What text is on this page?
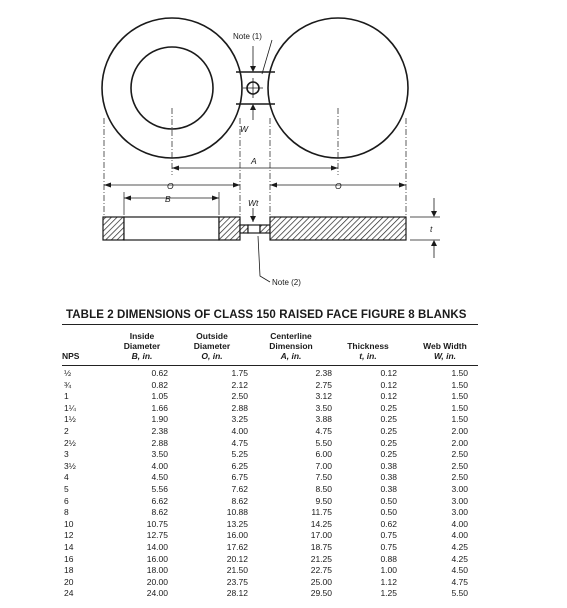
Note (1)
W
A
O	O
B	Wt
t
Note (2)
TABLE 2 DIMENSIONS OF CLASS 150 RAISED FACE FIGURE 8 BLANKS
NPS
Inside
Diameter
B, in.
Outside
Diameter
O, in.
Centerline
Dimension
A, in.
Thickness
t, in.
Web Width
W, in.
½	0.62	1.75	2.38	0.12	1.50
¾	0.82	2.12	2.75	0.12	1.50
1	1.05	2.50	3.12	0.12	1.50
1¼	1.66	2.88	3.50	0.25	1.50
1½	1.90	3.25	3.88	0.25	1.50
2	2.38	4.00	4.75	0.25	2.00
2½	2.88	4.75	5.50	0.25	2.00
3	3.50	5.25	6.00	0.25	2.50
3½	4.00	6.25	7.00	0.38	2.50
4	4.50	6.75	7.50	0.38	2.50
5	5.56	7.62	8.50	0.38	3.00
6	6.62	8.62	9.50	0.50	3.00
8	8.62	10.88	11.75	0.50	3.00
10	10.75	13.25	14.25	0.62	4.00
12	12.75	16.00	17.00	0.75	4.00
14	14.00	17.62	18.75	0.75	4.25
16	16.00	20.12	21.25	0.88	4.25
18	18.00	21.50	22.75	1.00	4.50
20	20.00	23.75	25.00	1.12	4.75
24	24.00	28.12	29.50	1.25	5.50
